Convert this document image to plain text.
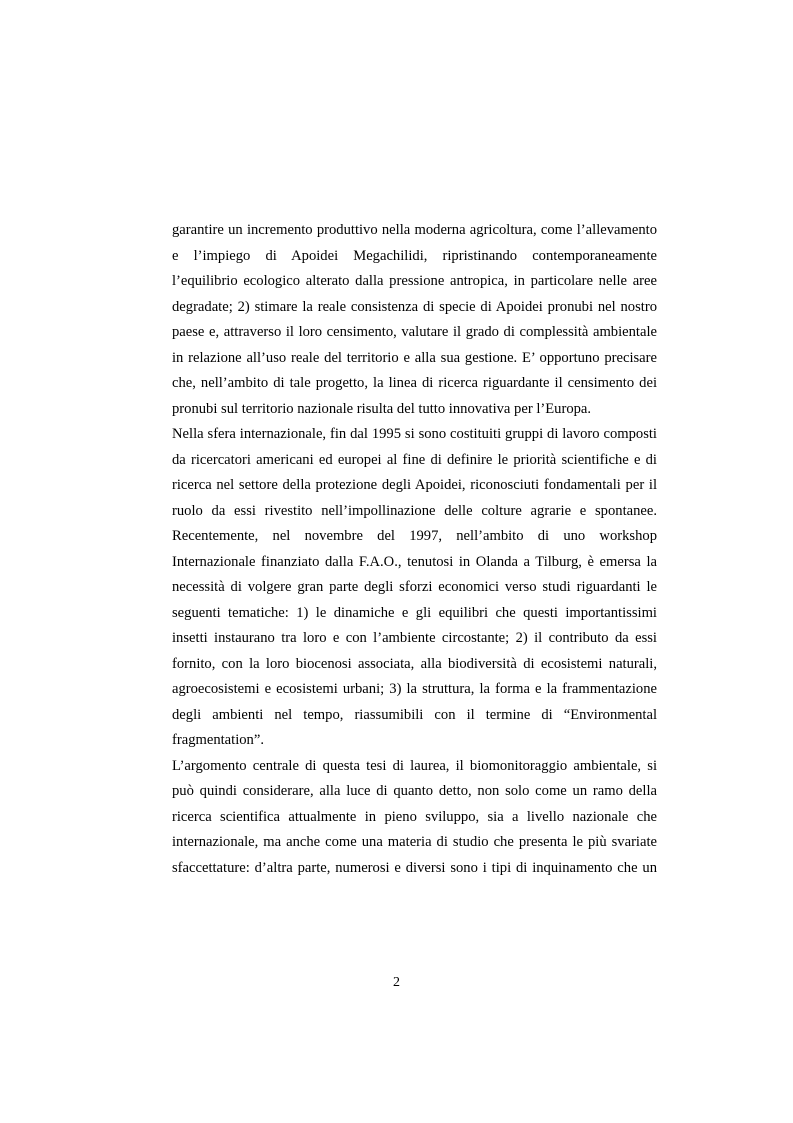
garantire un incremento produttivo nella moderna agricoltura, come l’allevamento
e l’impiego di Apoidei Megachilidi, ripristinando contemporaneamente
l’equilibrio ecologico alterato dalla pressione antropica, in particolare nelle aree
degradate; 2) stimare la reale consistenza di specie di Apoidei pronubi nel nostro
paese e, attraverso il loro censimento, valutare il grado di complessità ambientale
in relazione all’uso reale del territorio e alla sua gestione. E’ opportuno precisare
che, nell’ambito di tale progetto, la linea di ricerca riguardante il censimento dei
pronubi sul territorio nazionale risulta del tutto innovativa per l’Europa.
Nella sfera internazionale, fin dal 1995 si sono costituiti gruppi di lavoro composti
da ricercatori americani ed europei al fine di definire le priorità scientifiche e di
ricerca nel settore della protezione degli Apoidei, riconosciuti fondamentali per il
ruolo da essi rivestito nell’impollinazione delle colture agrarie e spontanee.
Recentemente, nel novembre del 1997, nell’ambito di uno workshop
Internazionale finanziato dalla F.A.O., tenutosi in Olanda a Tilburg, è emersa la
necessità di volgere gran parte degli sforzi economici verso studi riguardanti le
seguenti tematiche: 1) le dinamiche e gli equilibri che questi importantissimi
insetti instaurano tra loro e con l’ambiente circostante; 2) il contributo da essi
fornito, con la loro biocenosi associata, alla biodiversità di ecosistemi naturali,
agroecosistemi e ecosistemi urbani; 3) la struttura, la forma e la frammentazione
degli ambienti nel tempo, riassumibili con il termine di “Environmental
fragmentation”.
L’argomento centrale di questa tesi di laurea, il biomonitoraggio ambientale, si
può quindi considerare, alla luce di quanto detto, non solo come un ramo della
ricerca scientifica attualmente in pieno sviluppo, sia a livello nazionale che
internazionale, ma anche come una materia di studio che presenta le più svariate
sfaccettature: d’altra parte, numerosi e diversi sono i tipi di inquinamento che un
2
